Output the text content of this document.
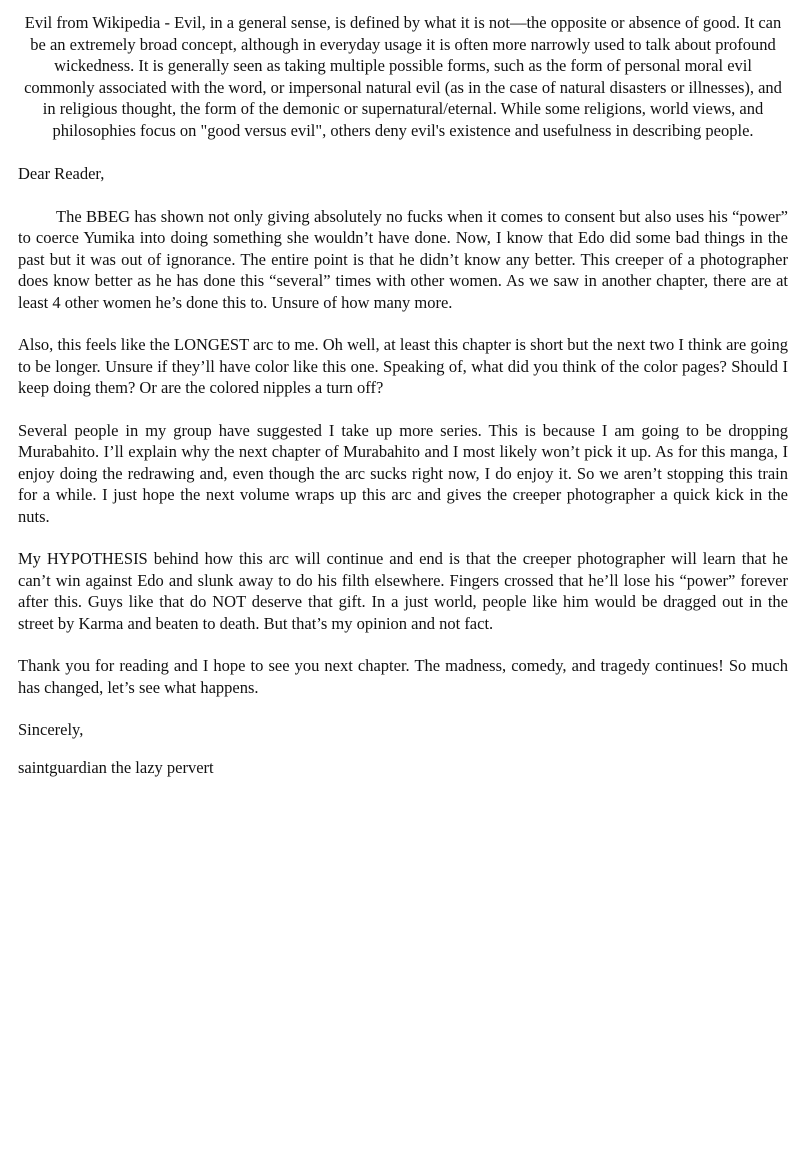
Evil from Wikipedia - Evil, in a general sense, is defined by what it is not—the opposite or absence of good. It can be an extremely broad concept, although in everyday usage it is often more narrowly used to talk about profound wickedness. It is generally seen as taking multiple possible forms, such as the form of personal moral evil commonly associated with the word, or impersonal natural evil (as in the case of natural disasters or illnesses), and in religious thought, the form of the demonic or supernatural/eternal. While some religions, world views, and philosophies focus on "good versus evil", others deny evil's existence and usefulness in describing people.

Dear Reader,

The BBEG has shown not only giving absolutely no fucks when it comes to consent but also uses his “power” to coerce Yumika into doing something she wouldn’t have done. Now, I know that Edo did some bad things in the past but it was out of ignorance. The entire point is that he didn’t know any better. This creeper of a photographer does know better as he has done this “several” times with other women. As we saw in another chapter, there are at least 4 other women he’s done this to. Unsure of how many more.

Also, this feels like the LONGEST arc to me. Oh well, at least this chapter is short but the next two I think are going to be longer. Unsure if they’ll have color like this one. Speaking of, what did you think of the color pages? Should I keep doing them? Or are the colored nipples a turn off?

Several people in my group have suggested I take up more series. This is because I am going to be dropping Murabahito. I’ll explain why the next chapter of Murabahito and I most likely won’t pick it up. As for this manga, I enjoy doing the redrawing and, even though the arc sucks right now, I do enjoy it. So we aren’t stopping this train for a while. I just hope the next volume wraps up this arc and gives the creeper photographer a quick kick in the nuts.

My HYPOTHESIS behind how this arc will continue and end is that the creeper photographer will learn that he can’t win against Edo and slunk away to do his filth elsewhere. Fingers crossed that he’ll lose his “power” forever after this. Guys like that do NOT deserve that gift. In a just world, people like him would be dragged out in the street by Karma and beaten to death. But that’s my opinion and not fact.

Thank you for reading and I hope to see you next chapter. The madness, comedy, and tragedy continues! So much has changed, let’s see what happens.

Sincerely,

saintguardian the lazy pervert
